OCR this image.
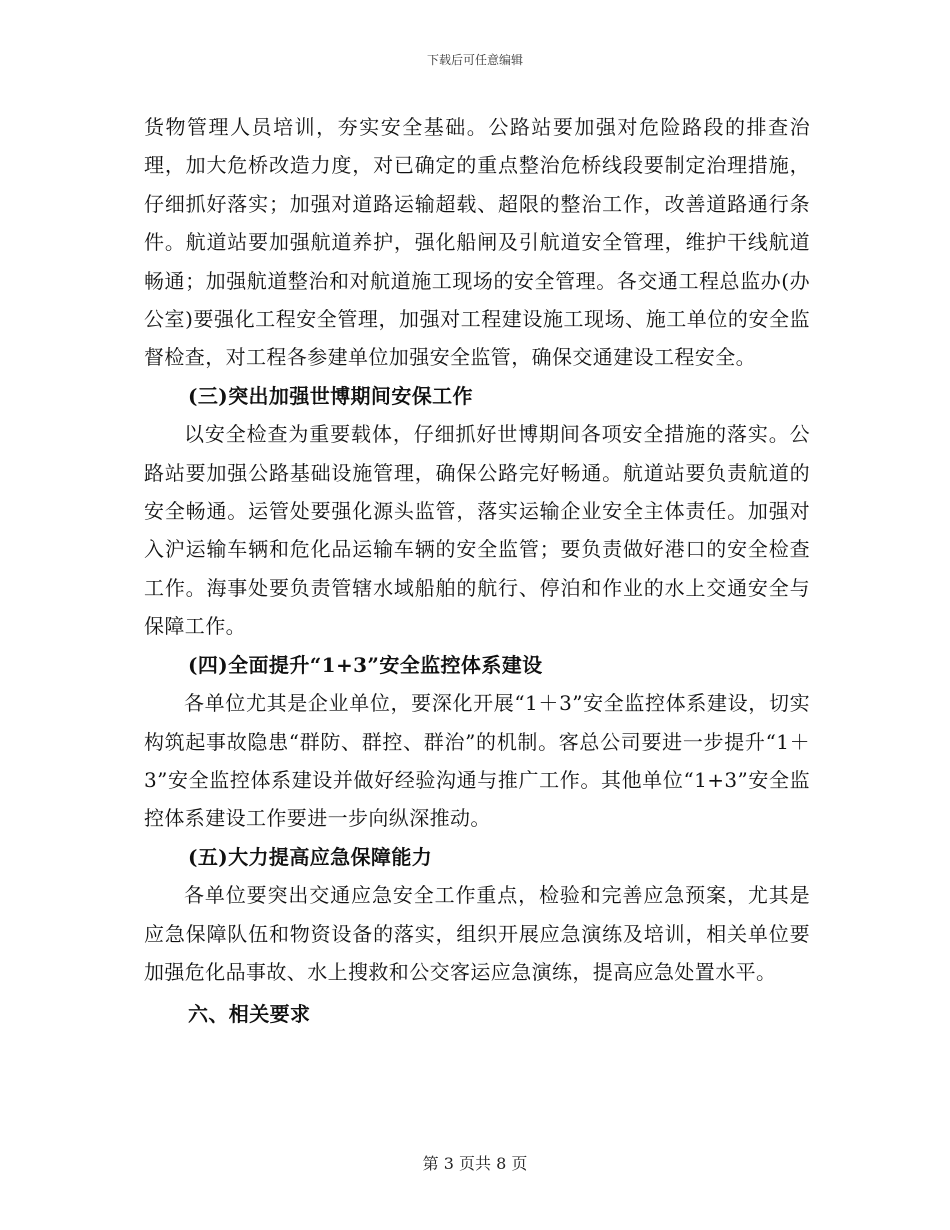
下载后可任意编辑

货物管理人员培训，夯实安全基础。公路站要加强对危险路段的排查治理，加大危桥改造力度，对已确定的重点整治危桥线段要制定治理措施，仔细抓好落实；加强对道路运输超载、超限的整治工作，改善道路通行条件。航道站要加强航道养护，强化船闸及引航道安全管理，维护干线航道畅通；加强航道整治和对航道施工现场的安全管理。各交通工程总监办(办公室)要强化工程安全管理，加强对工程建设施工现场、施工单位的安全监督检查，对工程各参建单位加强安全监管，确保交通建设工程安全。

(三)突出加强世博期间安保工作

以安全检查为重要载体，仔细抓好世博期间各项安全措施的落实。公路站要加强公路基础设施管理，确保公路完好畅通。航道站要负责航道的安全畅通。运管处要强化源头监管，落实运输企业安全主体责任。加强对入沪运输车辆和危化品运输车辆的安全监管；要负责做好港口的安全检查工作。海事处要负责管辖水域船舶的航行、停泊和作业的水上交通安全与保障工作。

(四)全面提升“1+3”安全监控体系建设

各单位尤其是企业单位，要深化开展“1＋3”安全监控体系建设，切实构筑起事故隐患“群防、群控、群治”的机制。客总公司要进一步提升“1＋3”安全监控体系建设并做好经验沟通与推广工作。其他单位“1+3”安全监控体系建设工作要进一步向纵深推动。

(五)大力提高应急保障能力

各单位要突出交通应急安全工作重点，检验和完善应急预案，尤其是应急保障队伍和物资设备的落实，组织开展应急演练及培训，相关单位要加强危化品事故、水上搜救和公交客运应急演练，提高应急处置水平。

六、相关要求

第 3 页共 8 页
